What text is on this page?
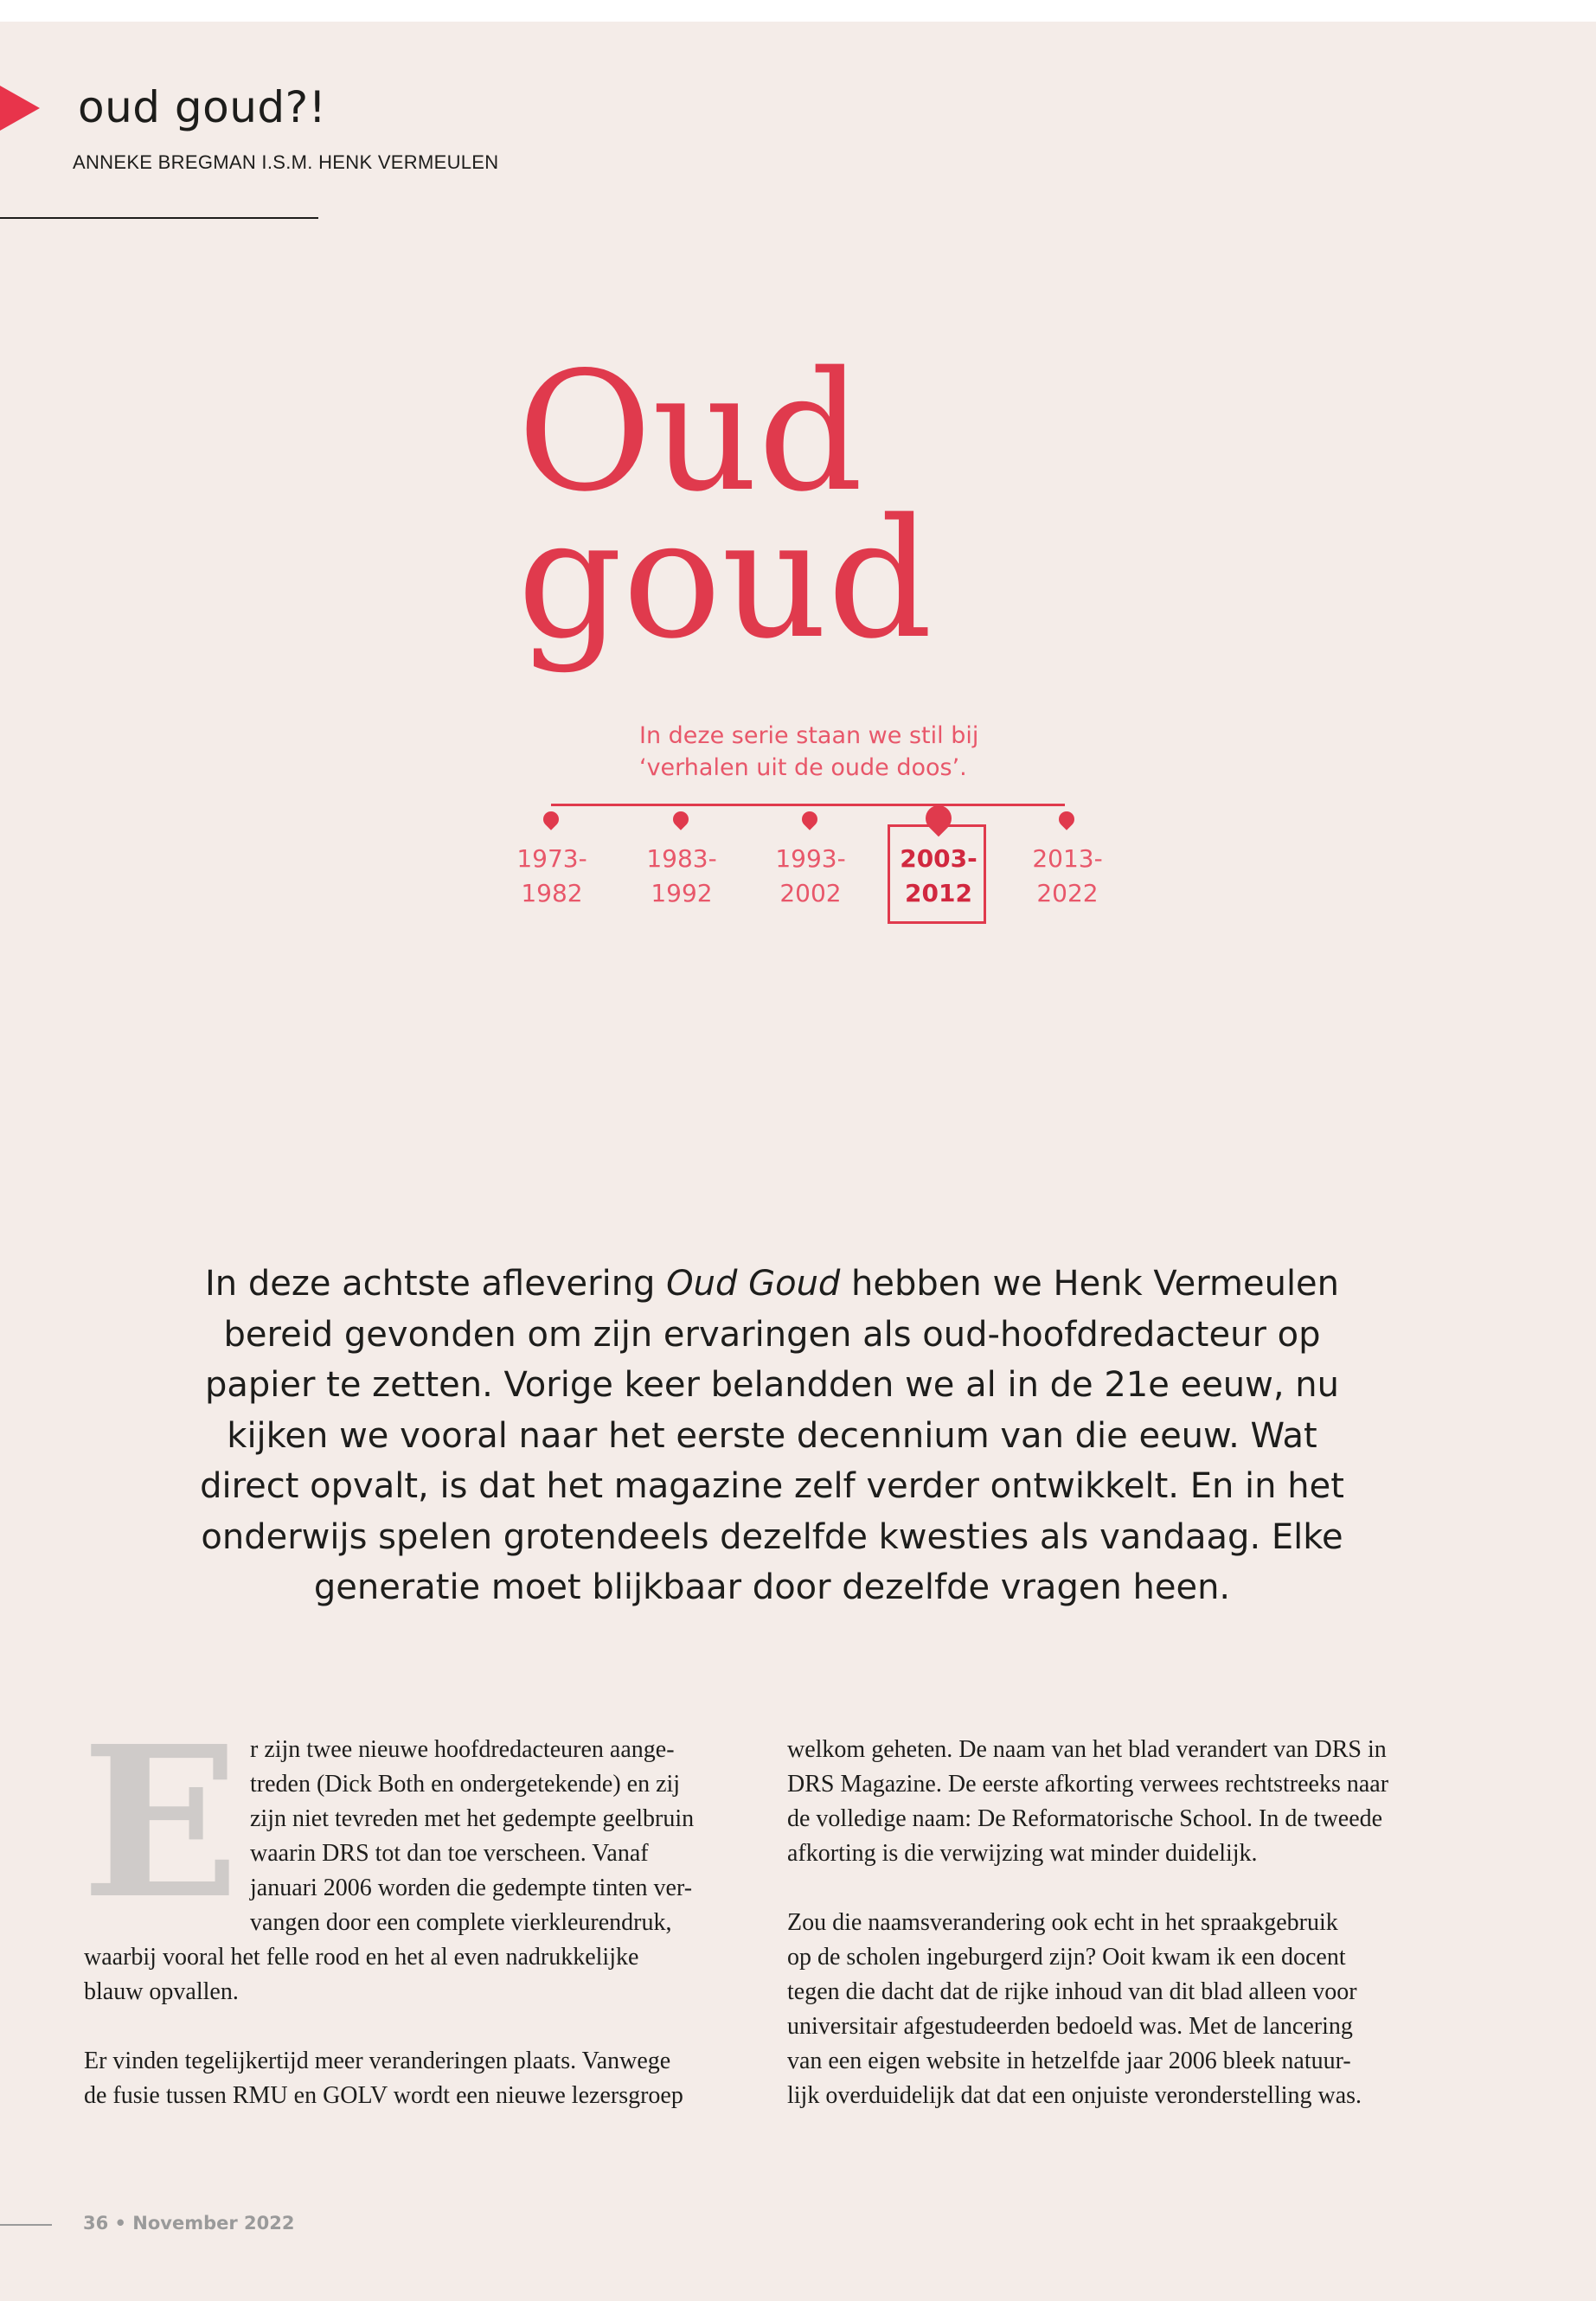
oud goud?!
ANNEKE BREGMAN I.S.M. HENK VERMEULEN
Oud
goud
In deze serie staan we stil bij
‘verhalen uit de oude doos’.
1973-
1982
1983-
1992
1993-
2002
2003-
2012
2013-
2022
In deze achtste aflevering Oud Goud hebben we Henk Vermeulen
bereid gevonden om zijn ervaringen als oud-hoofdredacteur op
papier te zetten. Vorige keer belandden we al in de 21e eeuw, nu
kijken we vooral naar het eerste decennium van die eeuw. Wat
direct opvalt, is dat het magazine zelf verder ontwikkelt. En in het
onderwijs spelen grotendeels dezelfde kwesties als vandaag. Elke
generatie moet blijkbaar door dezelfde vragen heen.
E r zijn twee nieuwe hoofdredacteuren aange-
treden (Dick Both en ondergetekende) en zij
zijn niet tevreden met het gedempte geelbruin
waarin DRS tot dan toe verscheen. Vanaf
januari 2006 worden die gedempte tinten ver-
vangen door een complete vierkleurendruk,
waarbij vooral het felle rood en het al even nadrukkelijke
blauw opvallen.
Er vinden tegelijkertijd meer veranderingen plaats. Vanwege
de fusie tussen RMU en GOLV wordt een nieuwe lezersgroep
welkom geheten. De naam van het blad verandert van DRS in
DRS Magazine. De eerste afkorting verwees rechtstreeks naar
de volledige naam: De Reformatorische School. In de tweede
afkorting is die verwijzing wat minder duidelijk.
Zou die naamsverandering ook echt in het spraakgebruik
op de scholen ingeburgerd zijn? Ooit kwam ik een docent
tegen die dacht dat de rijke inhoud van dit blad alleen voor
universitair afgestudeerden bedoeld was. Met de lancering
van een eigen website in hetzelfde jaar 2006 bleek natuur-
lijk overduidelijk dat dat een onjuiste veronderstelling was.
36 • November 2022
